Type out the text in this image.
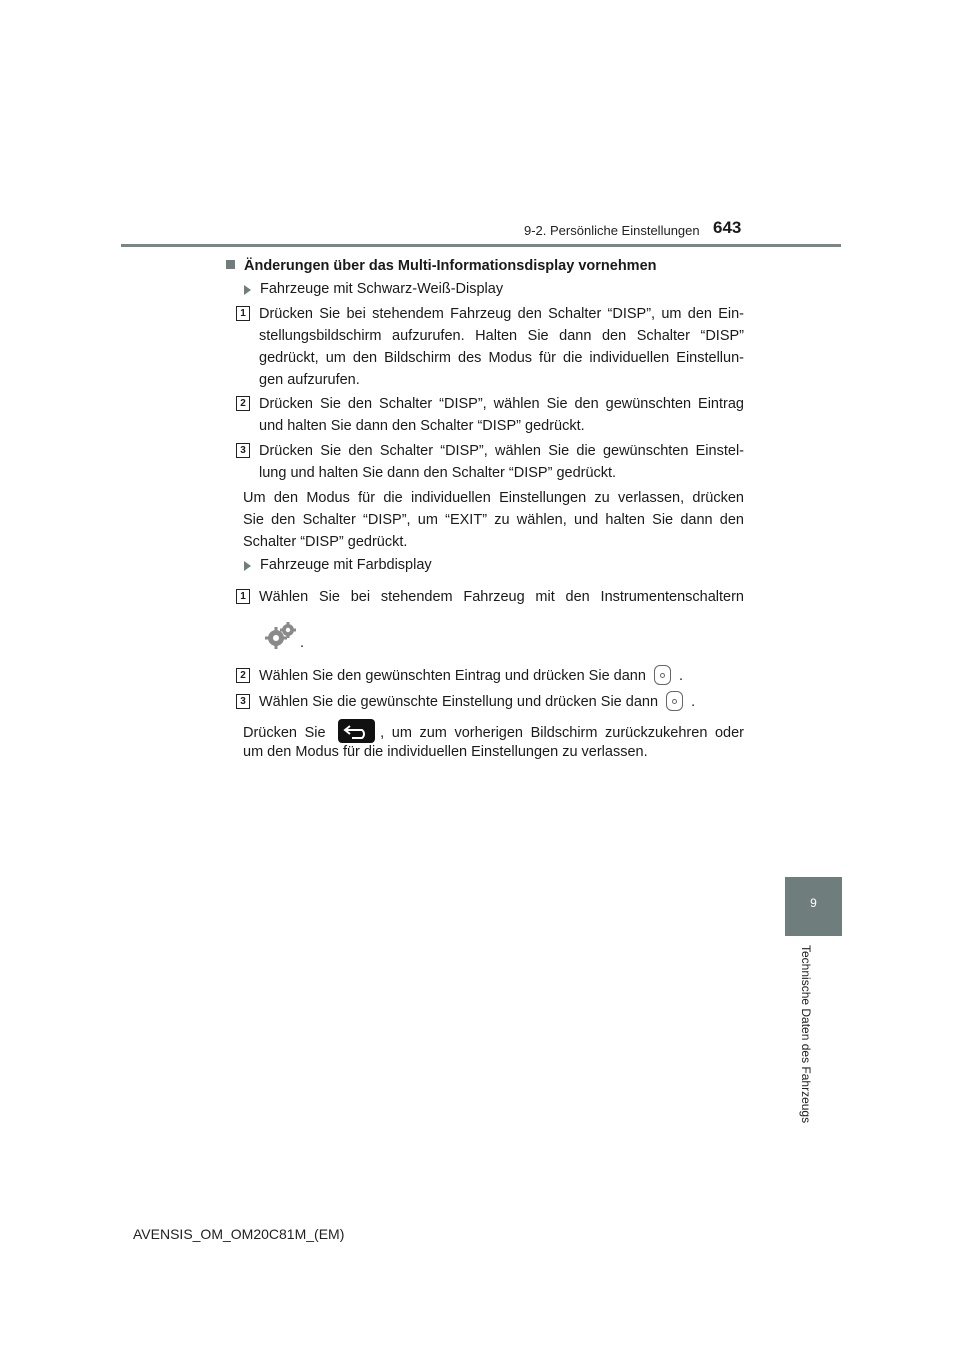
9-2. Persönliche Einstellungen 643
9
Technische Daten des Fahrzeugs
Änderungen über das Multi-Informationsdisplay vornehmen
Fahrzeuge mit Schwarz-Weiß-Display
1 Drücken Sie bei stehendem Fahrzeug den Schalter “DISP”, um den Ein-
stellungsbildschirm aufzurufen. Halten Sie dann den Schalter “DISP”
gedrückt, um den Bildschirm des Modus für die individuellen Einstellun-
gen aufzurufen.
2 Drücken Sie den Schalter “DISP”, wählen Sie den gewünschten Eintrag
und halten Sie dann den Schalter “DISP” gedrückt.
3 Drücken Sie den Schalter “DISP”, wählen Sie die gewünschten Einstel-
lung und halten Sie dann den Schalter “DISP” gedrückt.
Um den Modus für die individuellen Einstellungen zu verlassen, drücken
Sie den Schalter “DISP”, um “EXIT” zu wählen, und halten Sie dann den
Schalter “DISP” gedrückt.
Fahrzeuge mit Farbdisplay
1 Wählen Sie bei stehendem Fahrzeug mit den Instrumentenschaltern
.
2 Wählen Sie den gewünschten Eintrag und drücken Sie dann .
3 Wählen Sie die gewünschte Einstellung und drücken Sie dann .
Drücken Sie	, um zum vorherigen Bildschirm zurückzukehren oder
um den Modus für die individuellen Einstellungen zu verlassen.
AVENSIS_OM_OM20C81M_(EM)
